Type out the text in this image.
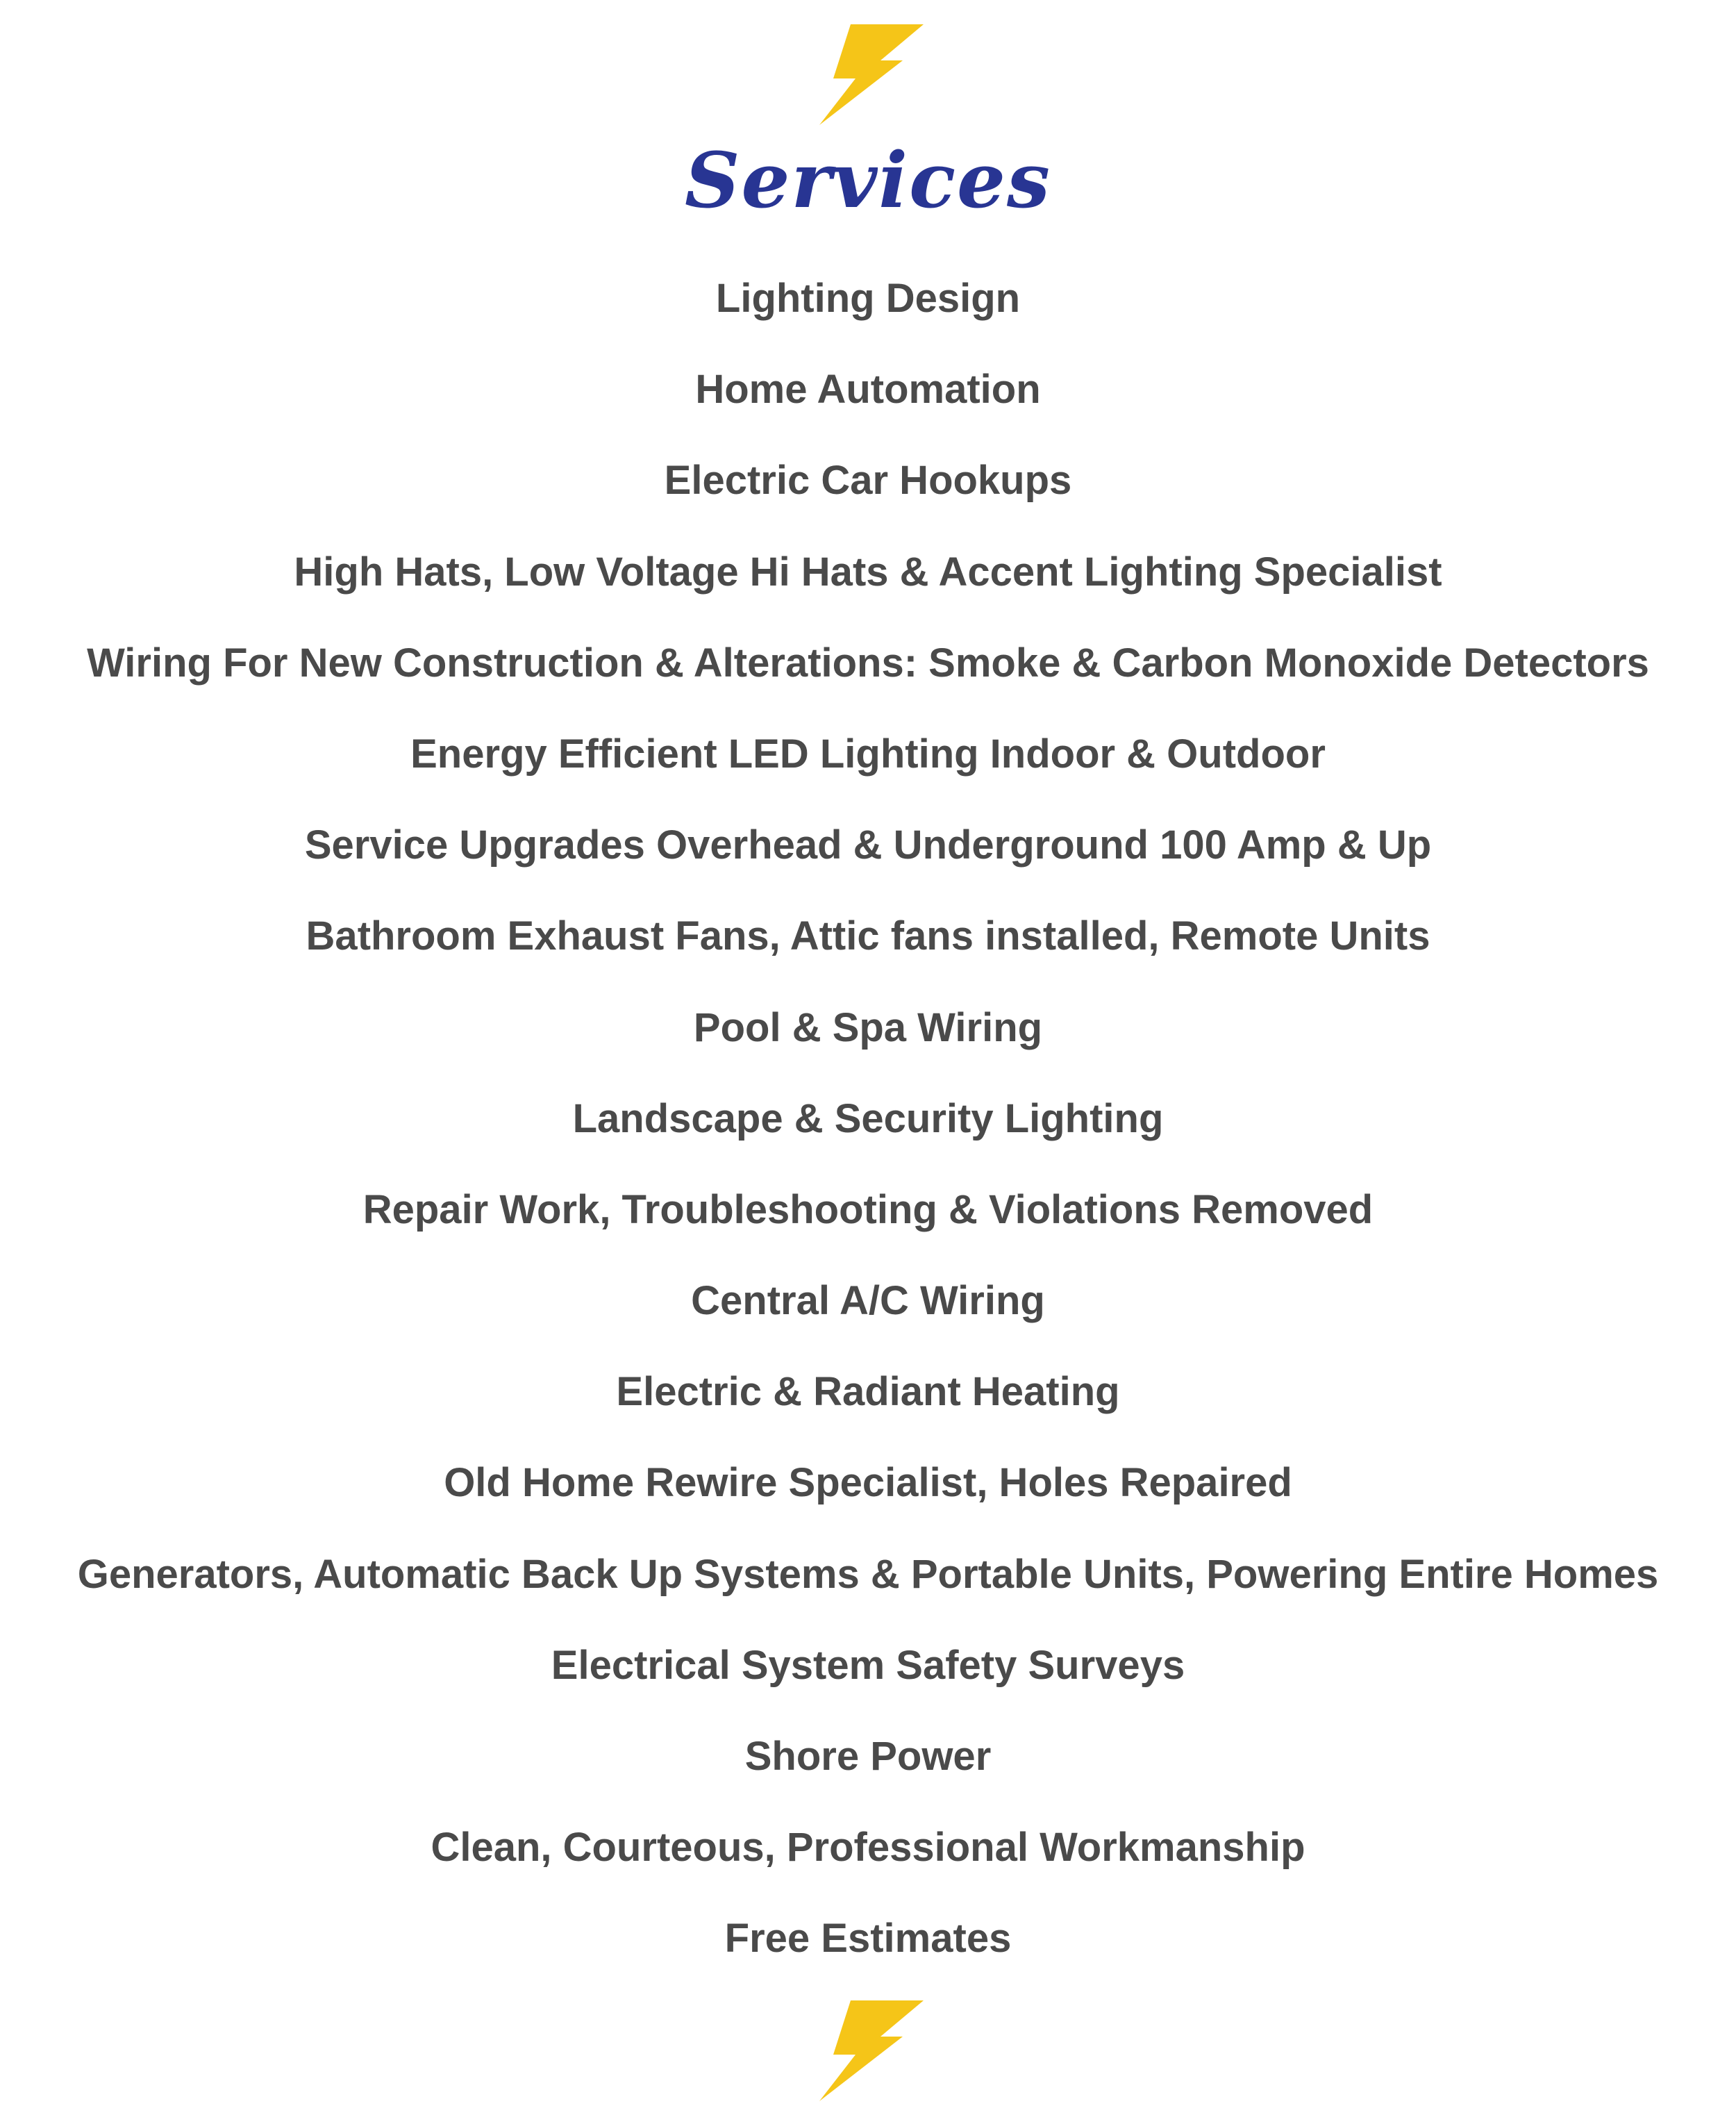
Services
Lighting Design
Home Automation
Electric Car Hookups
High Hats, Low Voltage Hi Hats & Accent Lighting Specialist
Wiring For New Construction & Alterations: Smoke & Carbon Monoxide Detectors
Energy Efficient LED Lighting Indoor & Outdoor
Service Upgrades Overhead & Underground 100 Amp & Up
Bathroom Exhaust Fans, Attic fans installed, Remote Units
Pool & Spa Wiring
Landscape & Security Lighting
Repair Work, Troubleshooting & Violations Removed
Central A/C Wiring
Electric & Radiant Heating
Old Home Rewire Specialist, Holes Repaired
Generators, Automatic Back Up Systems & Portable Units, Powering Entire Homes
Electrical System Safety Surveys
Shore Power
Clean, Courteous, Professional Workmanship
Free Estimates
